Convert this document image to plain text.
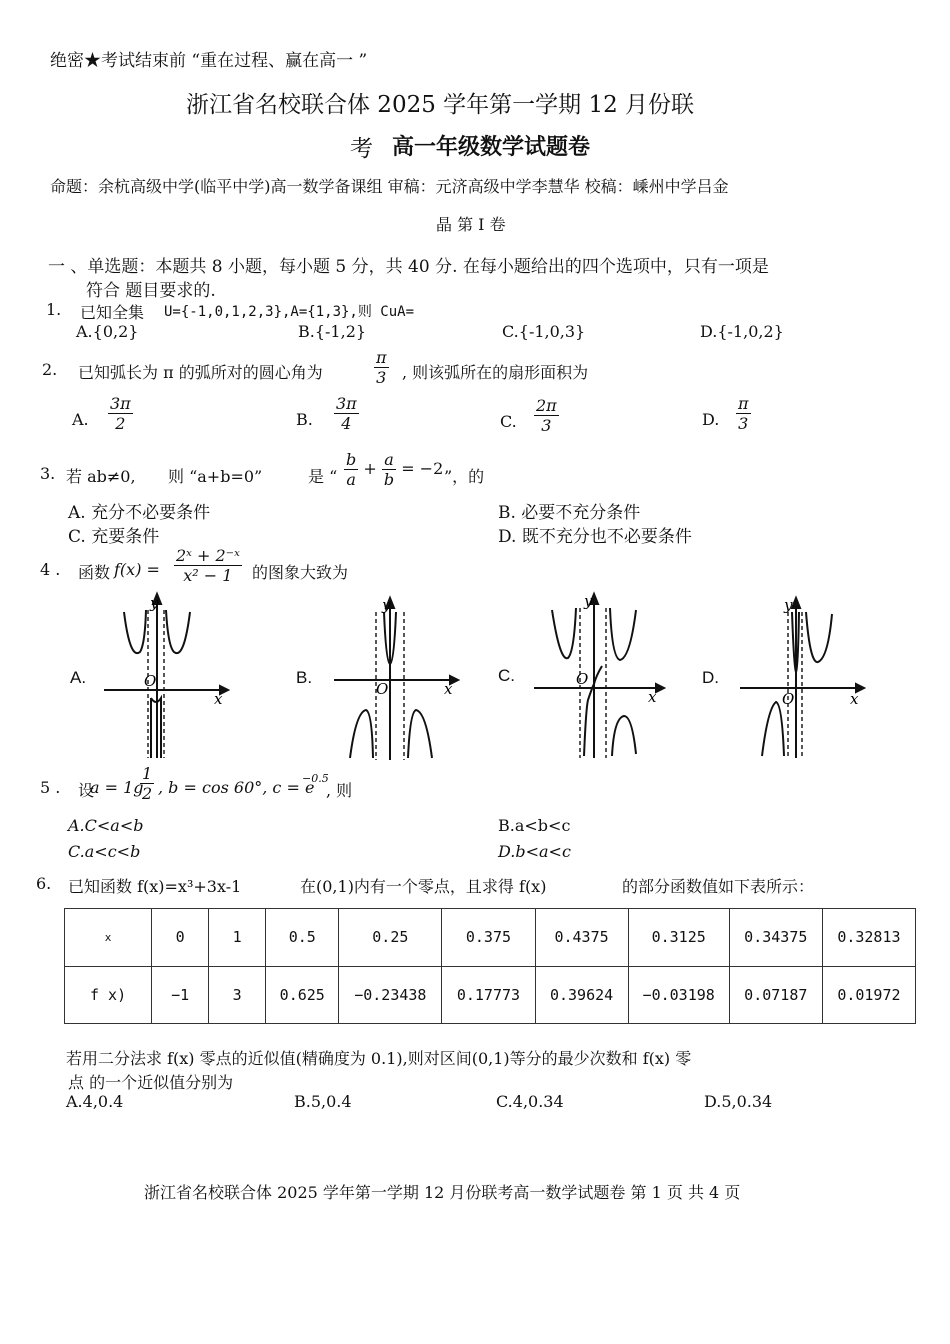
绝密★考试结束前 “重在过程、赢在高一 ”
浙江省名校联合体 2025 学年第一学期 12 月份联
考 高一年级数学试题卷
命题：余杭高级中学(临平中学)高一数学备课组 审稿：元济高级中学李慧华 校稿：嵊州中学吕金
晶 第 Ⅰ 卷
一 、单选题：本题共 8 小题，每小题 5 分，共 40 分. 在每小题给出的四个选项中，只有一项是
符合 题目要求的.
1. 已知全集 U={-1,0,1,2,3},A={1,3},则 CuA=
A.{0,2}	B.{-1,2}	C.{-1,0,3}	D.{-1,0,2}
2. 已知弧长为 π 的弧所对的圆心角为	$\frac{\pi}{3}$ , 则该弧所在的扇形面积为
A. $\frac{3\pi}{2}$	B. $\frac{3\pi}{4}$	C. $\frac{2\pi}{3}$	D. $\frac{\pi}{3}$
3. 若 ab≠0, 则 “a+b=0”	是 “ $\frac{b}{a} + \frac{a}{b} = -2$ ”，的
A. 充分不必要条件	B. 必要不充分条件
C. 充要条件	D. 既不充分也不必要条件
4 . 函数 $f(x) = \frac{\text{2ˣ + 2⁻ˣ}}{\text{x² − 1}}$ 的图象大致为
A.	B.	C.	D.
y
x
O
y
x
O
y
x
O
y
x
O
5 . 设
a = 1g
$\frac{1}{2}$ , b = cos 60°, c = e
−0.5
, 则
A.C<a<b	B.a<b<c
C.a<c<b	D.b<a<c
6. 已知函数 f(x)=x³+3x-1	在(0,1)内有一个零点，且求得 f(x)	的部分函数值如下表所示：
x	0	1	0.5	0.25	0.375	0.4375	0.3125	0.34375	0.32813
f x)	−1	3	0.625	−0.23438	0.17773	0.39624	−0.03198	0.07187	0.01972
若用二分法求 f(x) 零点的近似值(精确度为 0.1),则对区间(0,1)等分的最少次数和 f(x) 零
点 的一个近似值分别为
A.4,0.4	B.5,0.4	C.4,0.34	D.5,0.34
浙江省名校联合体 2025 学年第一学期 12 月份联考高一数学试题卷 第 1 页 共 4 页
